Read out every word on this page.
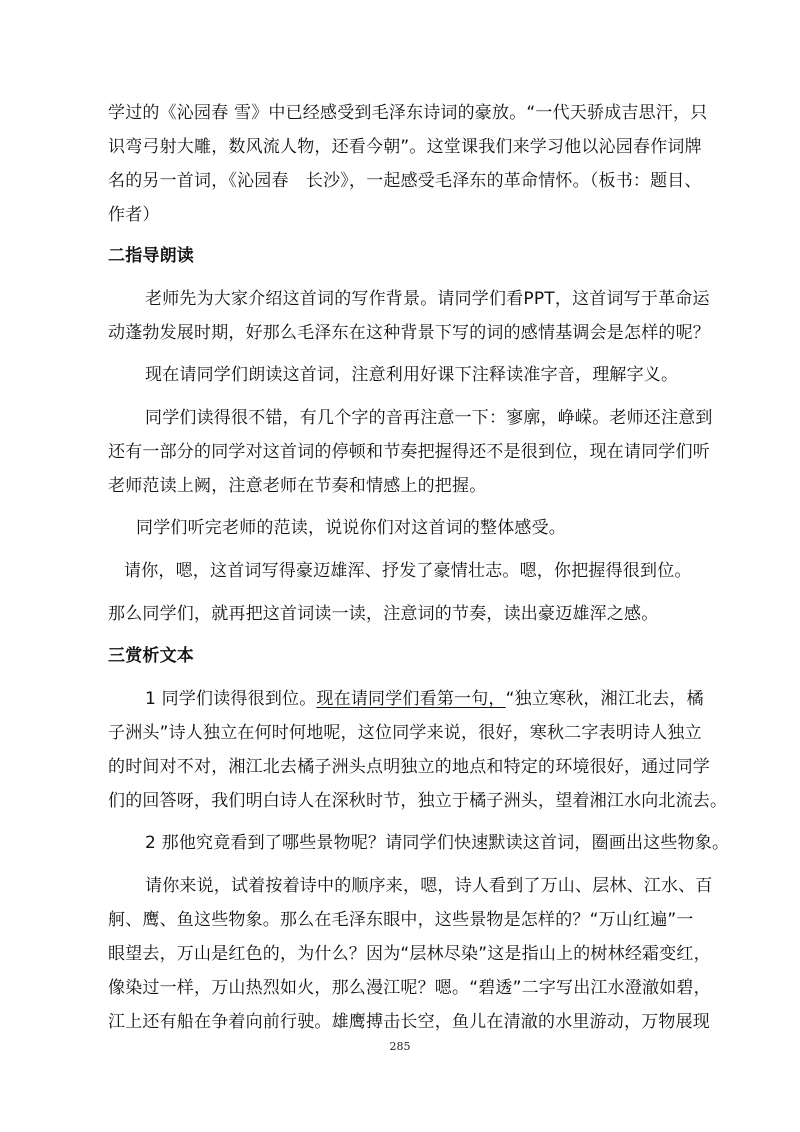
学过的《沁园春 雪》中已经感受到毛泽东诗词的豪放。“一代天骄成吉思汗，只
识弯弓射大雕，数风流人物，还看今朝”。这堂课我们来学习他以沁园春作词牌
名的另一首词，《沁园春　长沙》，一起感受毛泽东的革命情怀。（板书：题目、
作者）
二指导朗读
老师先为大家介绍这首词的写作背景。请同学们看PPT，这首词写于革命运
动蓬勃发展时期，好那么毛泽东在这种背景下写的词的感情基调会是怎样的呢？
现在请同学们朗读这首词，注意利用好课下注释读准字音，理解字义。
同学们读得很不错，有几个字的音再注意一下：寥廓，峥嵘。老师还注意到
还有一部分的同学对这首词的停顿和节奏把握得还不是很到位，现在请同学们听
老师范读上阙，注意老师在节奏和情感上的把握。
同学们听完老师的范读，说说你们对这首词的整体感受。
请你，嗯，这首词写得豪迈雄浑、抒发了豪情壮志。嗯，你把握得很到位。
那么同学们，就再把这首词读一读，注意词的节奏，读出豪迈雄浑之感。
三赏析文本
1 同学们读得很到位。现在请同学们看第一句，“独立寒秋，湘江北去，橘
子洲头”诗人独立在何时何地呢，这位同学来说，很好，寒秋二字表明诗人独立
的时间对不对，湘江北去橘子洲头点明独立的地点和特定的环境很好，通过同学
们的回答呀，我们明白诗人在深秋时节，独立于橘子洲头，望着湘江水向北流去。
2 那他究竟看到了哪些景物呢？请同学们快速默读这首词，圈画出这些物象。
请你来说，试着按着诗中的顺序来，嗯，诗人看到了万山、层林、江水、百
舸、鹰、鱼这些物象。那么在毛泽东眼中，这些景物是怎样的？“万山红遍”一
眼望去，万山是红色的，为什么？因为“层林尽染”这是指山上的树林经霜变红，
像染过一样，万山热烈如火，那么漫江呢？嗯。“碧透”二字写出江水澄澈如碧，
江上还有船在争着向前行驶。雄鹰搏击长空，鱼儿在清澈的水里游动，万物展现
285
